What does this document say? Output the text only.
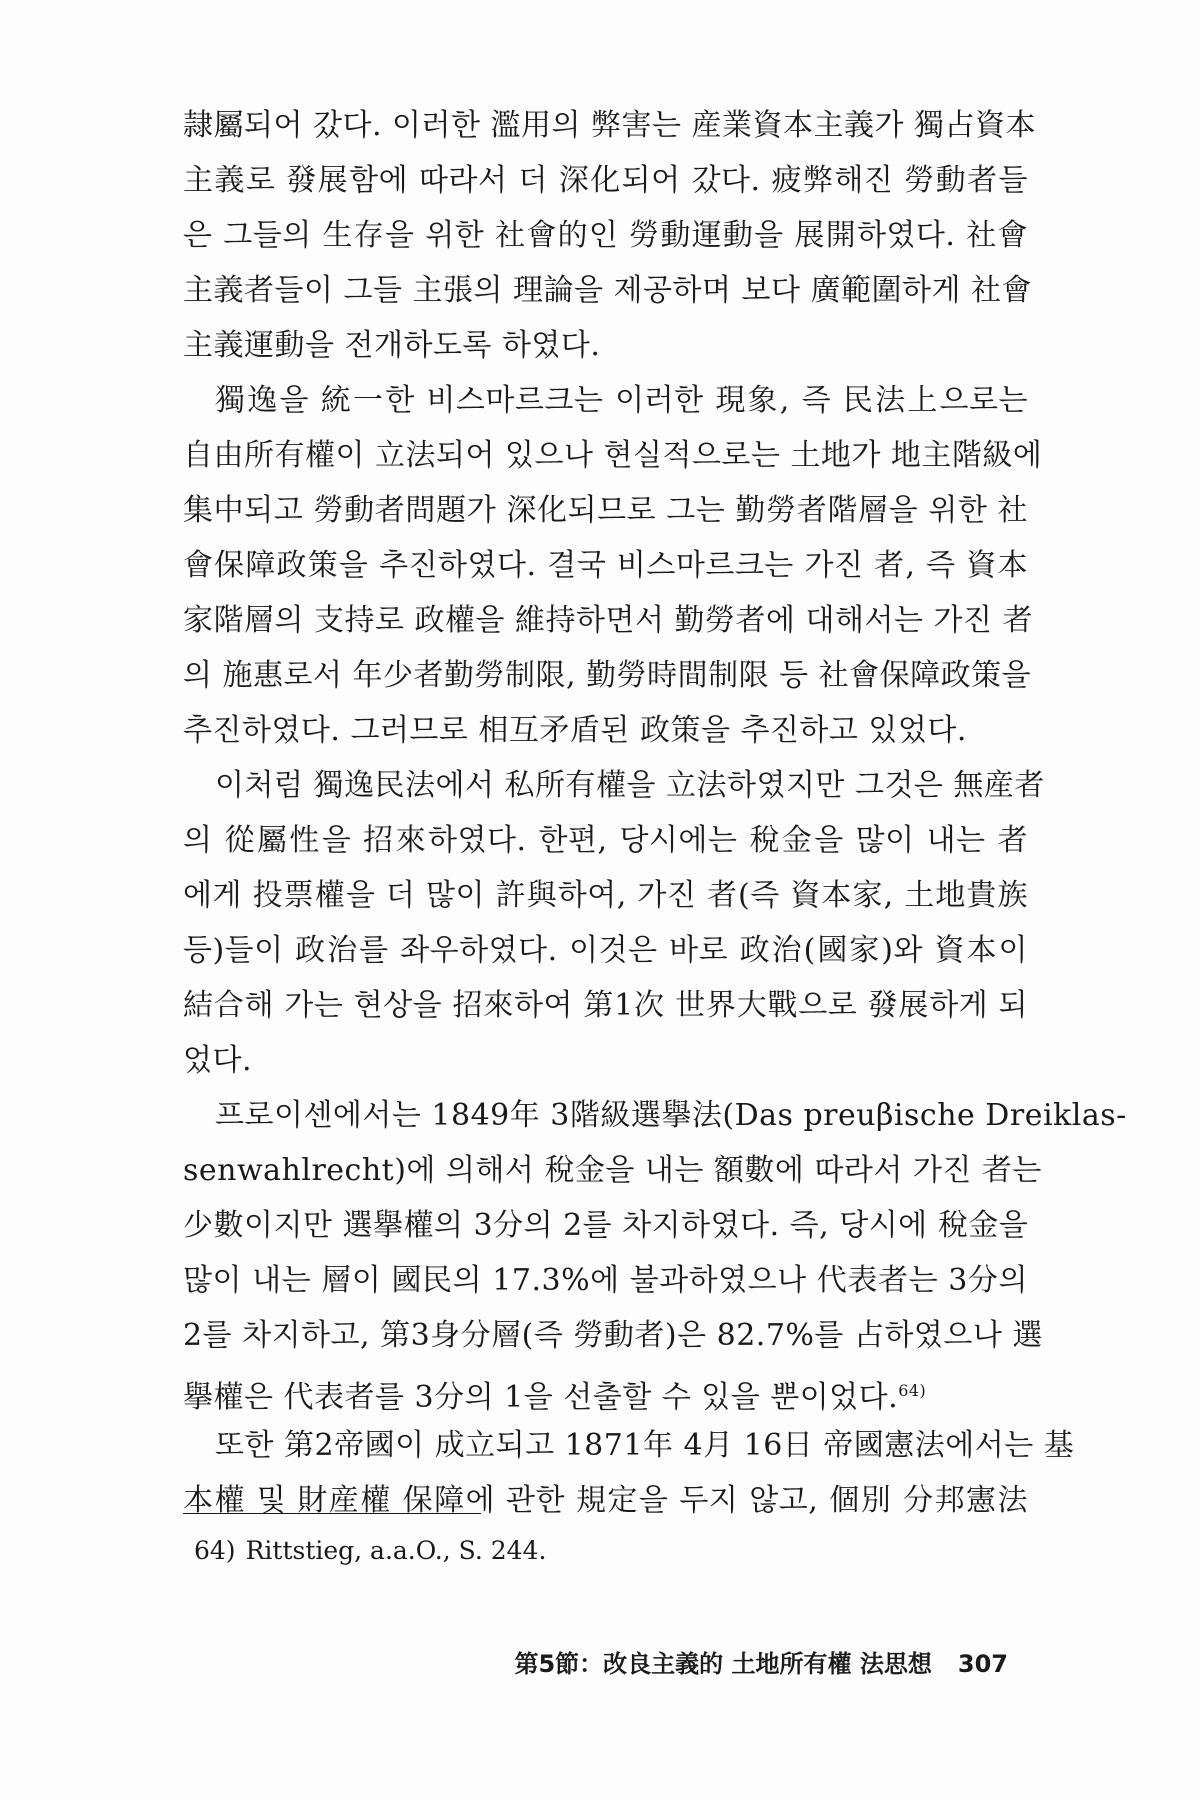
隷屬되어 갔다. 이러한 濫用의 弊害는 産業資本主義가 獨占資本
主義로 發展함에 따라서 더 深化되어 갔다. 疲弊해진 勞動者들
은 그들의 生存을 위한 社會的인 勞動運動을 展開하였다. 社會
主義者들이 그들 主張의 理論을 제공하며 보다 廣範圍하게 社會
主義運動을 전개하도록 하였다.
獨逸을 統一한 비스마르크는 이러한 現象, 즉 民法上으로는
自由所有權이 立法되어 있으나 현실적으로는 土地가 地主階級에
集中되고 勞動者問題가 深化되므로 그는 勤勞者階層을 위한 社
會保障政策을 추진하였다. 결국 비스마르크는 가진 者, 즉 資本
家階層의 支持로 政權을 維持하면서 勤勞者에 대해서는 가진 者
의 施惠로서 年少者勤勞制限, 勤勞時間制限 등 社會保障政策을
추진하였다. 그러므로 相互矛盾된 政策을 추진하고 있었다.
이처럼 獨逸民法에서 私所有權을 立法하였지만 그것은 無産者
의 從屬性을 招來하였다. 한편, 당시에는 稅金을 많이 내는 者
에게 投票權을 더 많이 許與하여, 가진 者(즉 資本家, 土地貴族
등)들이 政治를 좌우하였다. 이것은 바로 政治(國家)와 資本이
結合해 가는 현상을 招來하여 第1次 世界大戰으로 發展하게 되
었다.
프로이센에서는 1849年 3階級選擧法(Das preuβische Dreiklas-
senwahlrecht)에 의해서 稅金을 내는 額數에 따라서 가진 者는
少數이지만 選擧權의 3分의 2를 차지하였다. 즉, 당시에 稅金을
많이 내는 層이 國民의 17.3%에 불과하였으나 代表者는 3分의
2를 차지하고, 第3身分層(즉 勞動者)은 82.7%를 占하였으나 選
擧權은 代表者를 3分의 1을 선출할 수 있을 뿐이었다.$^{64)}$
또한 第2帝國이 成立되고 1871年 4月 16日 帝國憲法에서는 基
本權 및 財産權 保障에 관한 規定을 두지 않고, 個別 分邦憲法
64) Rittstieg, a.a.O., S. 244.
第5節：改良主義的 土地所有權 法思想 307
